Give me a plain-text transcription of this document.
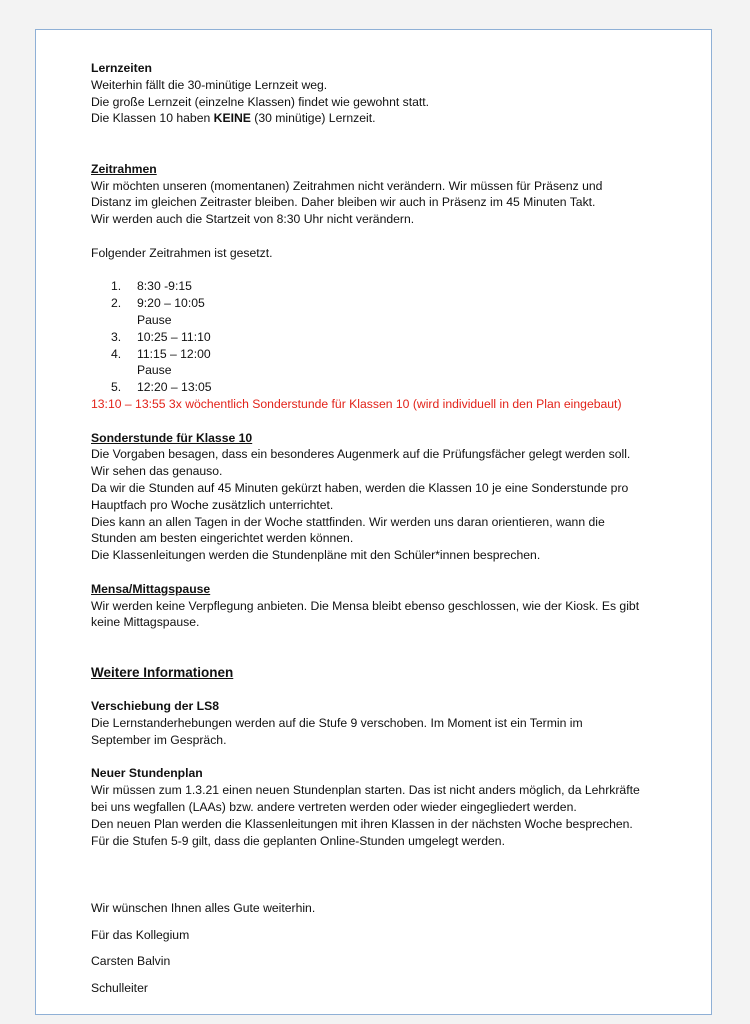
Lernzeiten
Weiterhin fällt die 30-minütige Lernzeit weg.
Die große Lernzeit (einzelne Klassen) findet wie gewohnt statt.
Die Klassen 10 haben KEINE (30 minütige) Lernzeit.
Zeitrahmen
Wir möchten unseren (momentanen) Zeitrahmen nicht verändern. Wir müssen für Präsenz und
Distanz im gleichen Zeitraster bleiben. Daher bleiben wir auch in Präsenz im 45 Minuten Takt.
Wir werden auch die Startzeit von 8:30 Uhr nicht verändern.
Folgender Zeitrahmen ist gesetzt.
1.	8:30 -9:15
2.	9:20 – 10:05
Pause
3.	10:25 – 11:10
4.	11:15 – 12:00
Pause
5.	12:20 – 13:05
13:10 – 13:55 3x wöchentlich Sonderstunde für Klassen 10 (wird individuell in den Plan eingebaut)
Sonderstunde für Klasse 10
Die Vorgaben besagen, dass ein besonderes Augenmerk auf die Prüfungsfächer gelegt werden soll.
Wir sehen das genauso.
Da wir die Stunden auf 45 Minuten gekürzt haben, werden die Klassen 10 je eine Sonderstunde pro
Hauptfach pro Woche zusätzlich unterrichtet.
Dies kann an allen Tagen in der Woche stattfinden. Wir werden uns daran orientieren, wann die
Stunden am besten eingerichtet werden können.
Die Klassenleitungen werden die Stundenpläne mit den Schüler*innen besprechen.
Mensa/Mittagspause
Wir werden keine Verpflegung anbieten. Die Mensa bleibt ebenso geschlossen, wie der Kiosk. Es gibt
keine Mittagspause.
Weitere Informationen
Verschiebung der LS8
Die Lernstanderhebungen werden auf die Stufe 9 verschoben. Im Moment ist ein Termin im
September im Gespräch.
Neuer Stundenplan
Wir müssen zum 1.3.21 einen neuen Stundenplan starten. Das ist nicht anders möglich, da Lehrkräfte
bei uns wegfallen (LAAs) bzw. andere vertreten werden oder wieder eingegliedert werden.
Den neuen Plan werden die Klassenleitungen mit ihren Klassen in der nächsten Woche besprechen.
Für die Stufen 5-9 gilt, dass die geplanten Online-Stunden umgelegt werden.
Wir wünschen Ihnen alles Gute weiterhin.
Für das Kollegium
Carsten Balvin
Schulleiter
